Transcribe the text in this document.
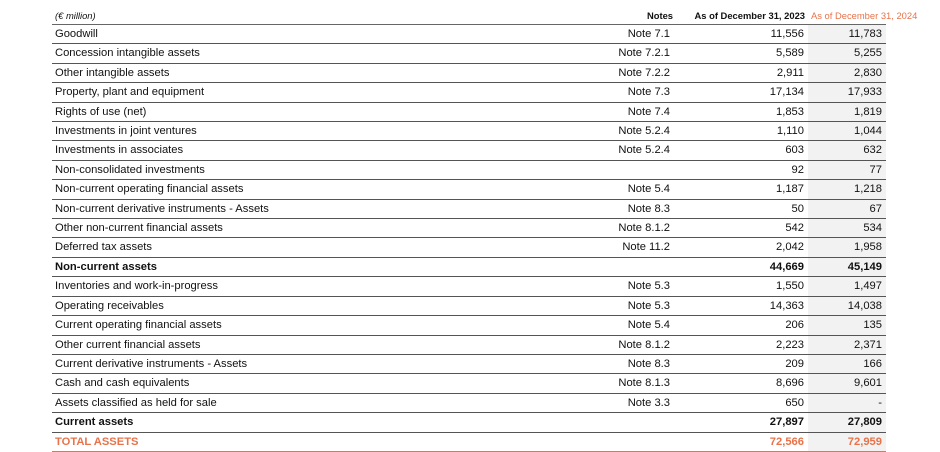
(€ million)	Notes	As of December 31, 2023	As of December 31, 2024
Goodwill	Note 7.1	11,556	11,783
Concession intangible assets	Note 7.2.1	5,589	5,255
Other intangible assets	Note 7.2.2	2,911	2,830
Property, plant and equipment	Note 7.3	17,134	17,933
Rights of use (net)	Note 7.4	1,853	1,819
Investments in joint ventures	Note 5.2.4	1,110	1,044
Investments in associates	Note 5.2.4	603	632
Non-consolidated investments		92	77
Non-current operating financial assets	Note 5.4	1,187	1,218
Non-current derivative instruments - Assets	Note 8.3	50	67
Other non-current financial assets	Note 8.1.2	542	534
Deferred tax assets	Note 11.2	2,042	1,958
Non-current assets		44,669	45,149
Inventories and work-in-progress	Note 5.3	1,550	1,497
Operating receivables	Note 5.3	14,363	14,038
Current operating financial assets	Note 5.4	206	135
Other current financial assets	Note 8.1.2	2,223	2,371
Current derivative instruments - Assets	Note 8.3	209	166
Cash and cash equivalents	Note 8.1.3	8,696	9,601
Assets classified as held for sale	Note 3.3	650	-
Current assets		27,897	27,809
TOTAL ASSETS		72,566	72,959
